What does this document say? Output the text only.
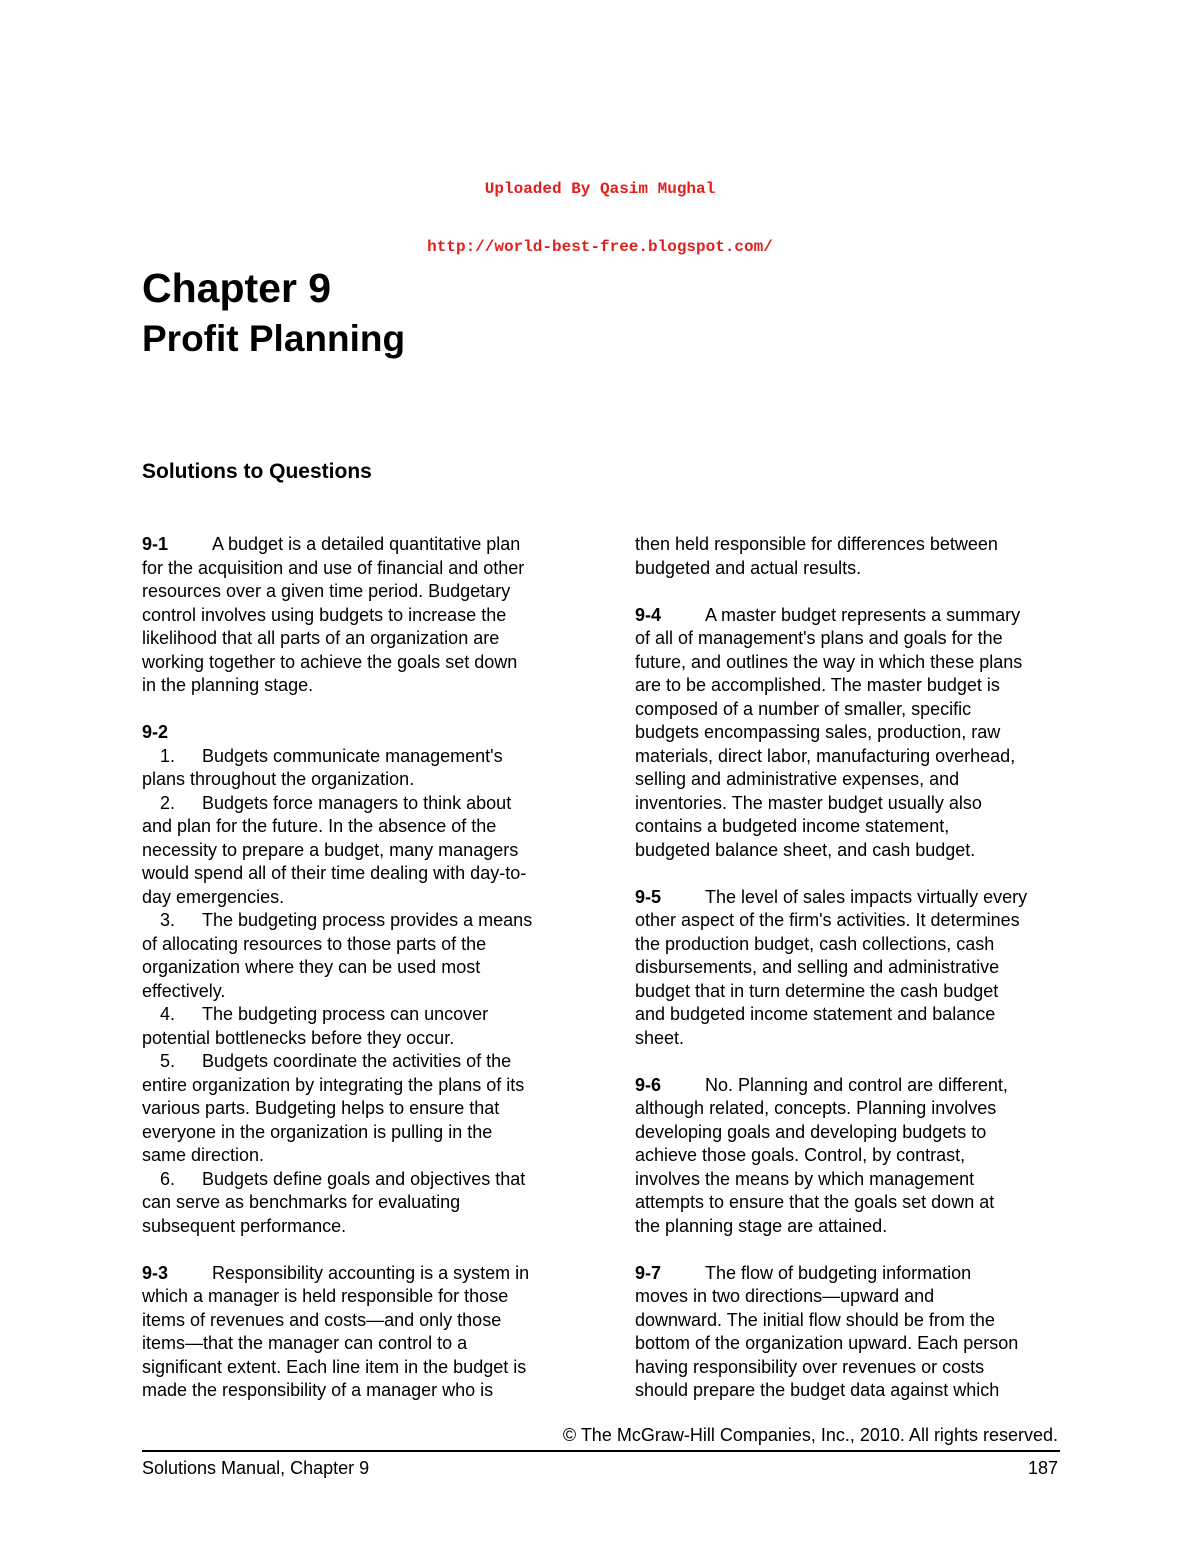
Uploaded By Qasim Mughal
http://world-best-free.blogspot.com/
Chapter 9
Profit Planning
Solutions to Questions

9-1 A budget is a detailed quantitative plan

for the acquisition and use of financial and other

resources over a given time period. Budgetary

control involves using budgets to increase the

likelihood that all parts of an organization are

working together to achieve the goals set down

in the planning stage.

9-2

1. Budgets communicate management's

plans throughout the organization.

2. Budgets force managers to think about

and plan for the future. In the absence of the

necessity to prepare a budget, many managers

would spend all of their time dealing with day-to-

day emergencies.

3. The budgeting process provides a means

of allocating resources to those parts of the

organization where they can be used most

effectively.

4. The budgeting process can uncover

potential bottlenecks before they occur.

5. Budgets coordinate the activities of the

entire organization by integrating the plans of its

various parts. Budgeting helps to ensure that

everyone in the organization is pulling in the

same direction.

6. Budgets define goals and objectives that

can serve as benchmarks for evaluating

subsequent performance.

9-3 Responsibility accounting is a system in

which a manager is held responsible for those

items of revenues and costs—and only those

items—that the manager can control to a

significant extent. Each line item in the budget is

made the responsibility of a manager who is

then held responsible for differences between

budgeted and actual results.

9-4 A master budget represents a summary

of all of management's plans and goals for the

future, and outlines the way in which these plans

are to be accomplished. The master budget is

composed of a number of smaller, specific

budgets encompassing sales, production, raw

materials, direct labor, manufacturing overhead,

selling and administrative expenses, and

inventories. The master budget usually also

contains a budgeted income statement,

budgeted balance sheet, and cash budget.

9-5 The level of sales impacts virtually every

other aspect of the firm's activities. It determines

the production budget, cash collections, cash

disbursements, and selling and administrative

budget that in turn determine the cash budget

and budgeted income statement and balance

sheet.

9-6 No. Planning and control are different,

although related, concepts. Planning involves

developing goals and developing budgets to

achieve those goals. Control, by contrast,

involves the means by which management

attempts to ensure that the goals set down at

the planning stage are attained.

9-7 The flow of budgeting information

moves in two directions—upward and

downward. The initial flow should be from the

bottom of the organization upward. Each person

having responsibility over revenues or costs

should prepare the budget data against which

© The McGraw-Hill Companies, Inc., 2010. All rights reserved.
Solutions Manual, Chapter 9	187
